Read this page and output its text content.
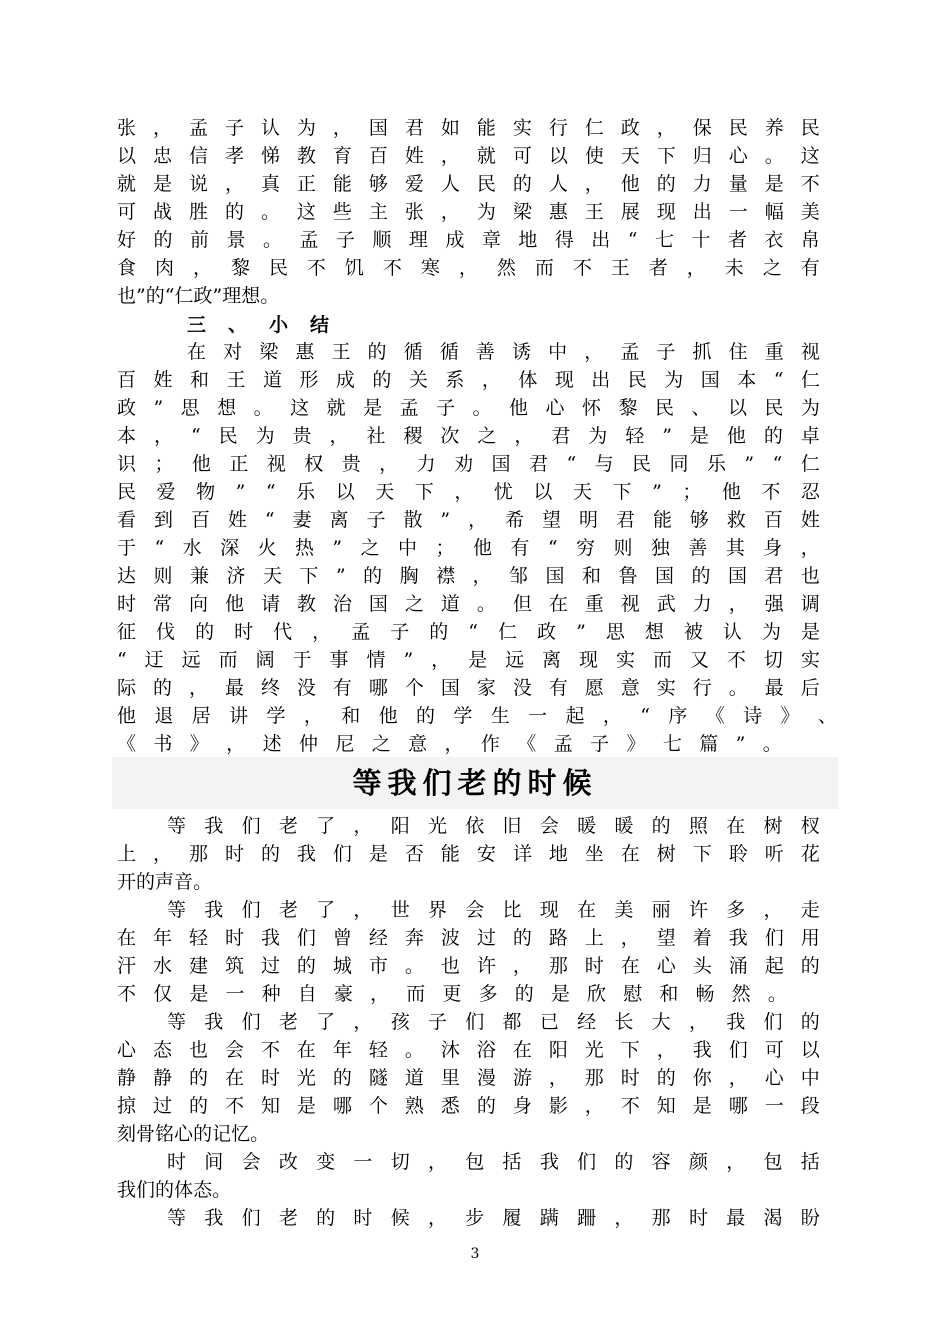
张 ， 孟 子 认 为 ， 国 君 如 能 实 行 仁 政 ， 保 民 养 民
以 忠 信 孝 悌 教 育 百 姓 ， 就 可 以 使 天 下 归 心 。 这
就 是 说 ， 真 正 能 够 爱 人 民 的 人 ， 他 的 力 量 是 不
可 战 胜 的 。 这 些 主 张 ， 为 梁 惠 王 展 现 出 一 幅 美
好 的 前 景 。 孟 子 顺 理 成 章 地 得 出 “ 七 十 者 衣 帛
食 肉 ， 黎 民 不 饥 不 寒 ， 然 而 不 王 者 ， 未 之 有
也 ” 的 “ 仁 政 ” 理 想 。
三 、 小 结
在 对 梁 惠 王 的 循 循 善 诱 中 ， 孟 子 抓 住 重 视
百 姓 和 王 道 形 成 的 关 系 ， 体 现 出 民 为 国 本 “ 仁
政 ” 思 想 。 这 就 是 孟 子 。 他 心 怀 黎 民 、 以 民 为
本 ， “ 民 为 贵 ， 社 稷 次 之 ， 君 为 轻 ” 是 他 的 卓
识 ； 他 正 视 权 贵 ， 力 劝 国 君 “ 与 民 同 乐 ” “ 仁
民 爱 物 ” “ 乐 以 天 下 ， 忧 以 天 下 ” ； 他 不 忍
看 到 百 姓 “ 妻 离 子 散 ” ， 希 望 明 君 能 够 救 百 姓
于 “ 水 深 火 热 ” 之 中 ； 他 有 “ 穷 则 独 善 其 身 ，
达 则 兼 济 天 下 ” 的 胸 襟 ， 邹 国 和 鲁 国 的 国 君 也
时 常 向 他 请 教 治 国 之 道 。 但 在 重 视 武 力 ， 强 调
征 伐 的 时 代 ， 孟 子 的 “ 仁 政 ” 思 想 被 认 为 是
“ 迂 远 而 阔 于 事 情 ” ， 是 远 离 现 实 而 又 不 切 实
际 的 ， 最 终 没 有 哪 个 国 家 没 有 愿 意 实 行 。 最 后
他 退 居 讲 学 ， 和 他 的 学 生 一 起 ， “ 序 《 诗 》 、
《 书 》 ， 述 仲 尼 之 意 ， 作 《 孟 子 》 七 篇 ” 。
等我们老的时候
等 我 们 老 了 ， 阳 光 依 旧 会 暖 暖 的 照 在 树 杈
上 ， 那 时 的 我 们 是 否 能 安 详 地 坐 在 树 下 聆 听 花
开 的 声 音 。
等 我 们 老 了 ， 世 界 会 比 现 在 美 丽 许 多 ， 走
在 年 轻 时 我 们 曾 经 奔 波 过 的 路 上 ， 望 着 我 们 用
汗 水 建 筑 过 的 城 市 。 也 许 ， 那 时 在 心 头 涌 起 的
不 仅 是 一 种 自 豪 ， 而 更 多 的 是 欣 慰 和 畅 然 。
等 我 们 老 了 ， 孩 子 们 都 已 经 长 大 ， 我 们 的
心 态 也 会 不 在 年 轻 。 沐 浴 在 阳 光 下 ， 我 们 可 以
静 静 的 在 时 光 的 隧 道 里 漫 游 ， 那 时 的 你 ， 心 中
掠 过 的 不 知 是 哪 个 熟 悉 的 身 影 ， 不 知 是 哪 一 段
刻 骨 铭 心 的 记 忆 。
时 间 会 改 变 一 切 ， 包 括 我 们 的 容 颜 ， 包 括
我 们 的 体 态 。
等 我 们 老 的 时 候 ， 步 履 蹒 跚 ， 那 时 最 渴 盼
3
